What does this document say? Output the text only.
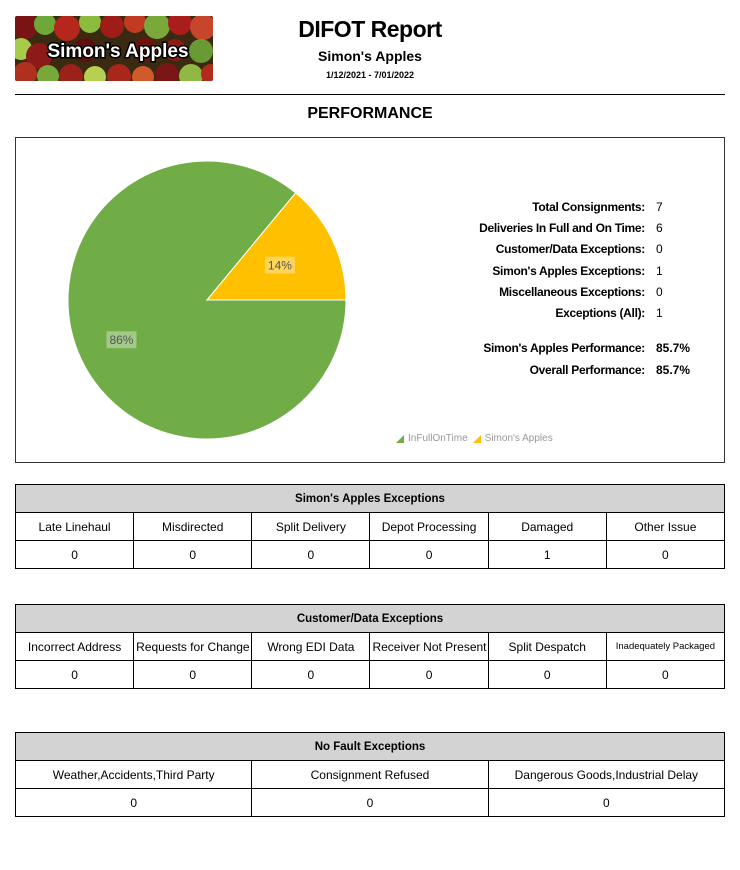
Simon's Apples
DIFOT Report
Simon's Apples
1/12/2021 - 7/01/2022
PERFORMANCE
86%
14%
Total Consignments: 7
Deliveries In Full and On Time: 6
Customer/Data Exceptions: 0
Simon's Apples Exceptions: 1
Miscellaneous Exceptions: 0
Exceptions (All): 1
Simon's Apples Performance: 85.7%
Overall Performance: 85.7%
InFullOnTime Simon's Apples
Simon's Apples Exceptions					
Late Linehaul	Misdirected	Split Delivery	Depot Processing	Damaged	Other Issue
0	0	0	0	1	0
Customer/Data Exceptions					
Incorrect Address	Requests for Change	Wrong EDI Data	Receiver Not Present	Split Despatch	Inadequately Packaged
0	0	0	0	0	0
No Fault Exceptions		
Weather,Accidents,Third Party	Consignment Refused	Dangerous Goods,Industrial Delay
0	0	0
